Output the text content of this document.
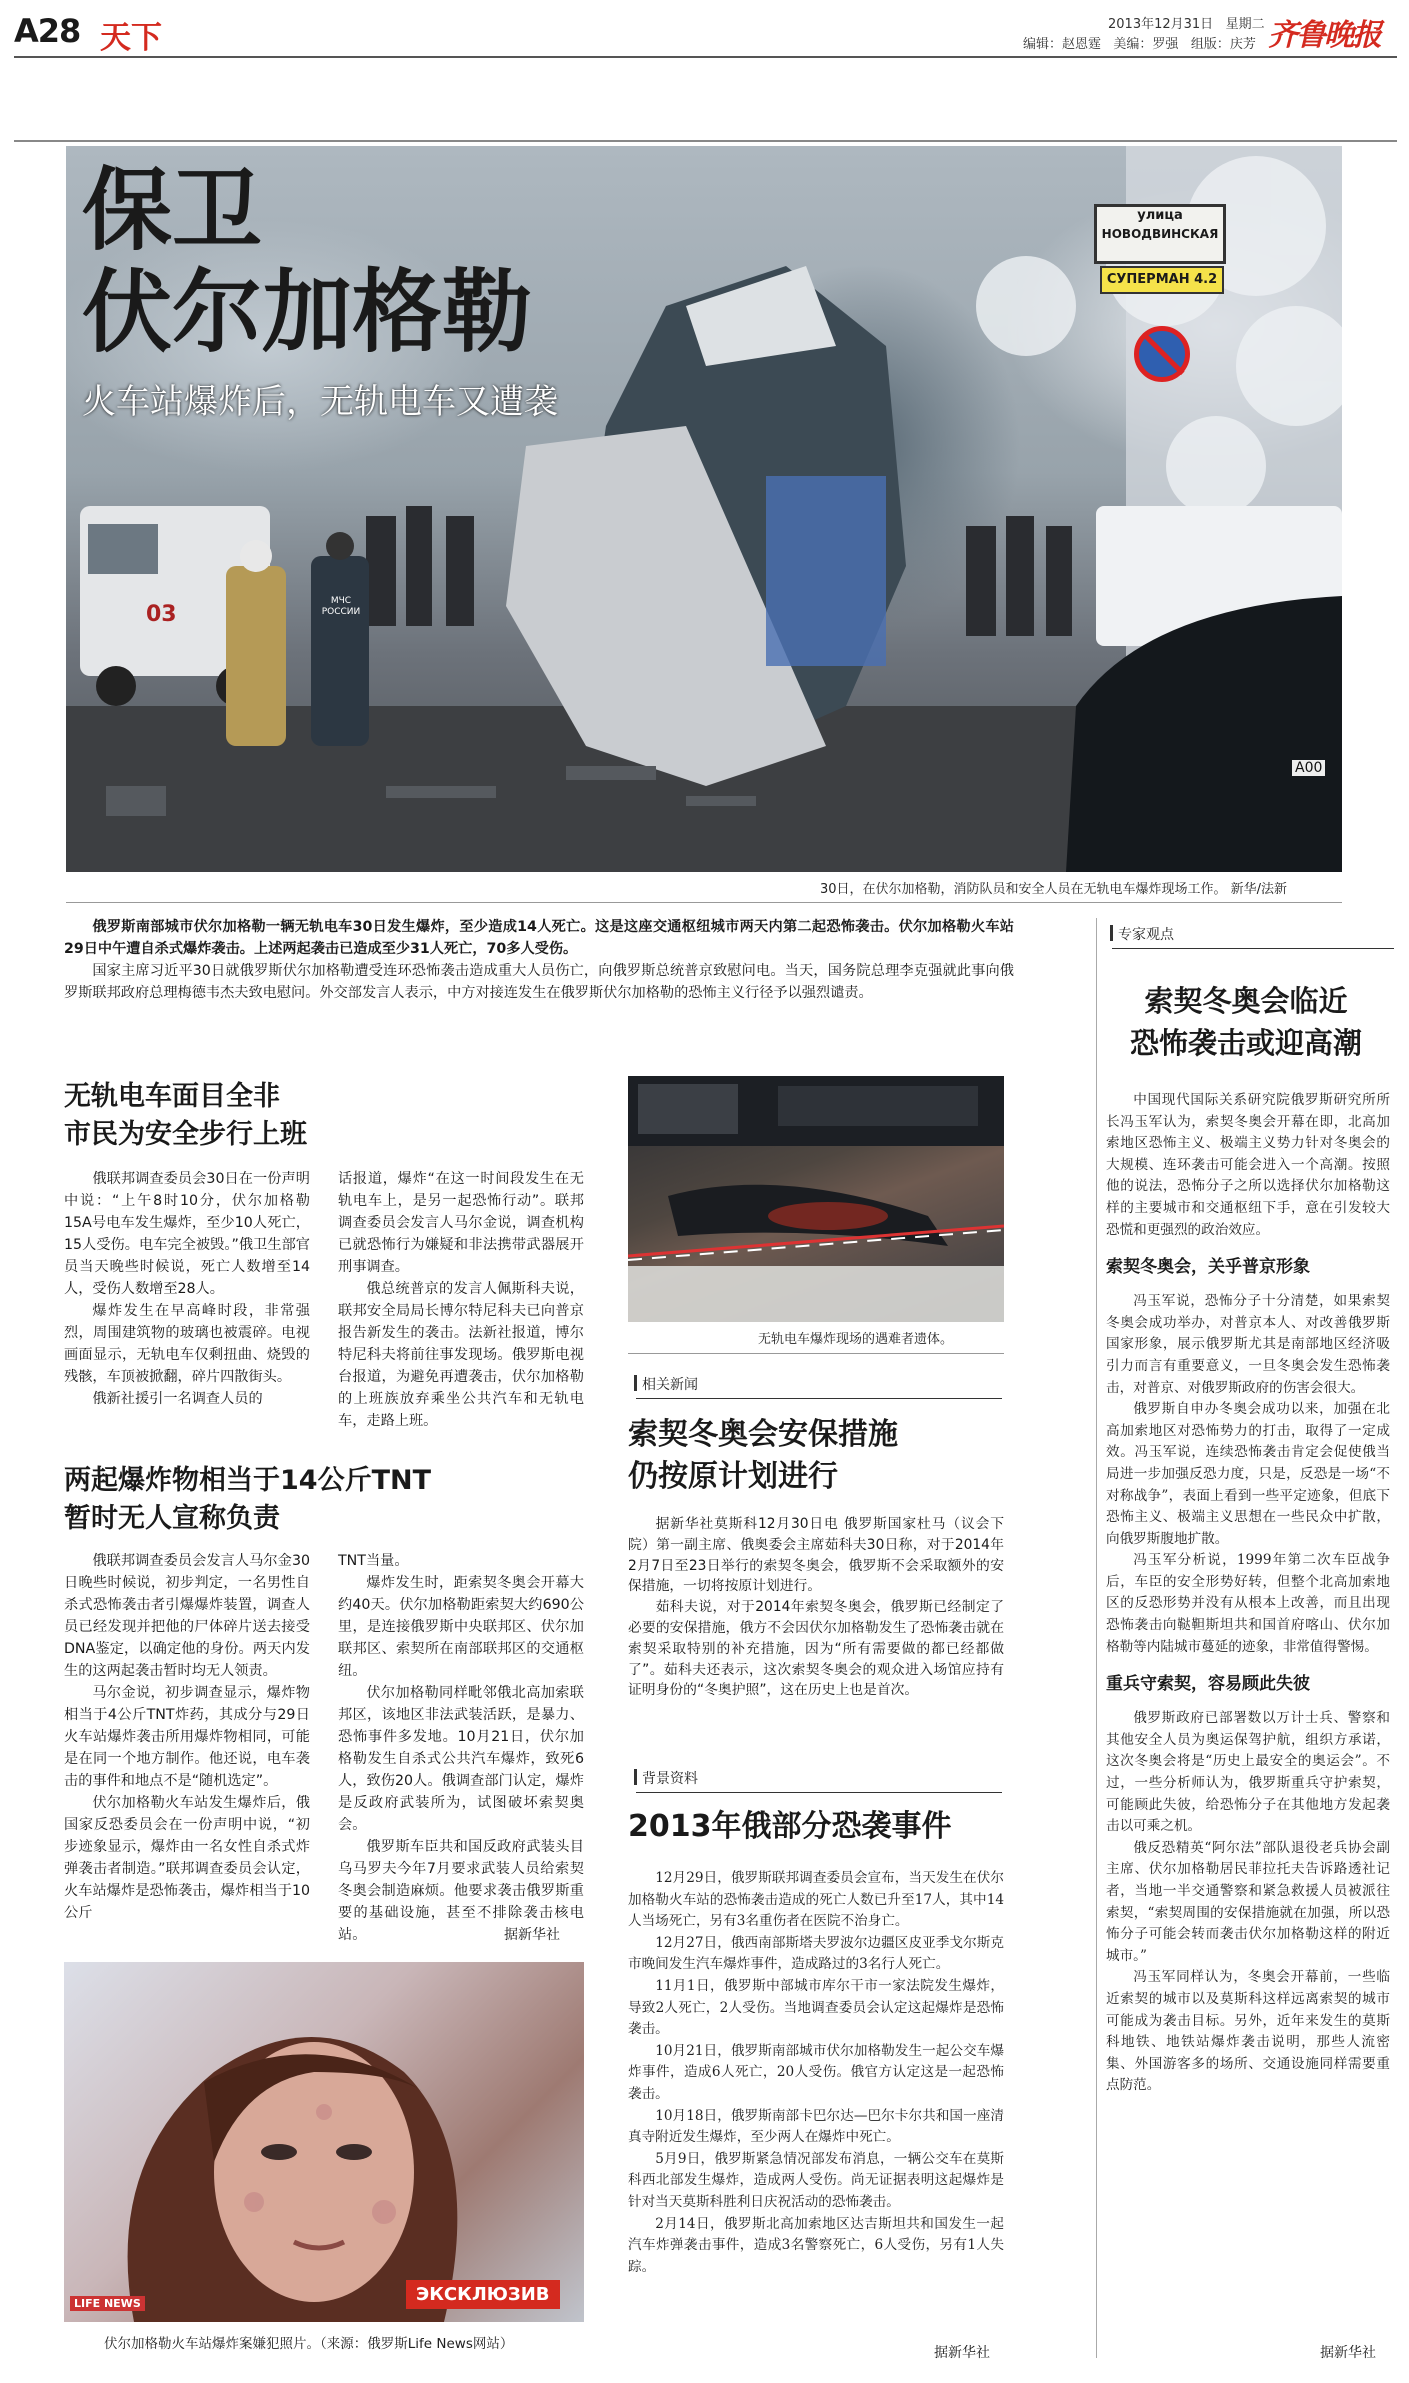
A28 天下	2013年12月31日 星期二
编辑：赵恩霆 美编：罗强 组版：庆芳 齐鲁晚报
улица
НОВОДВИНСКАЯ
СУПЕРМАН 4.2
03
МЧС РОССИИ
А00
保卫
伏尔加格勒
火车站爆炸后，无轨电车又遭袭
30日，在伏尔加格勒，消防队员和安全人员在无轨电车爆炸现场工作。 新华/法新

俄罗斯南部城市伏尔加格勒一辆无轨电车30日发生爆炸，至少造成14人死亡。这是这座交通枢纽城市两天内第二起恐怖袭击。伏尔加格勒火车站29日中午遭自杀式爆炸袭击。上述两起袭击已造成至少31人死亡，70多人受伤。

国家主席习近平30日就俄罗斯伏尔加格勒遭受连环恐怖袭击造成重大人员伤亡，向俄罗斯总统普京致慰问电。当天，国务院总理李克强就此事向俄罗斯联邦政府总理梅德韦杰夫致电慰问。外交部发言人表示，中方对接连发生在俄罗斯伏尔加格勒的恐怖主义行径予以强烈谴责。

无轨电车面目全非
市民为安全步行上班

俄联邦调查委员会30日在一份声明中说：“上午8时10分，伏尔加格勒15A号电车发生爆炸，至少10人死亡，15人受伤。电车完全被毁。”俄卫生部官员当天晚些时候说，死亡人数增至14人，受伤人数增至28人。

爆炸发生在早高峰时段，非常强烈，周围建筑物的玻璃也被震碎。电视画面显示，无轨电车仅剩扭曲、烧毁的残骸，车顶被掀翻，碎片四散街头。

俄新社援引一名调查人员的

话报道，爆炸“在这一时间段发生在无轨电车上，是另一起恐怖行动”。联邦调查委员会发言人马尔金说，调查机构已就恐怖行为嫌疑和非法携带武器展开刑事调查。

俄总统普京的发言人佩斯科夫说，联邦安全局局长博尔特尼科夫已向普京报告新发生的袭击。法新社报道，博尔特尼科夫将前往事发现场。俄罗斯电视台报道，为避免再遭袭击，伏尔加格勒的上班族放弃乘坐公共汽车和无轨电车，走路上班。

两起爆炸物相当于14公斤TNT
暂时无人宣称负责

俄联邦调查委员会发言人马尔金30日晚些时候说，初步判定，一名男性自杀式恐怖袭击者引爆爆炸装置，调查人员已经发现并把他的尸体碎片送去接受DNA鉴定，以确定他的身份。两天内发生的这两起袭击暂时均无人领责。

马尔金说，初步调查显示，爆炸物相当于4公斤TNT炸药，其成分与29日火车站爆炸袭击所用爆炸物相同，可能是在同一个地方制作。他还说，电车袭击的事件和地点不是“随机选定”。

伏尔加格勒火车站发生爆炸后，俄国家反恐委员会在一份声明中说，“初步迹象显示，爆炸由一名女性自杀式炸弹袭击者制造。”联邦调查委员会认定，火车站爆炸是恐怖袭击，爆炸相当于10公斤

TNT当量。

爆炸发生时，距索契冬奥会开幕大约40天。伏尔加格勒距索契大约690公里，是连接俄罗斯中央联邦区、伏尔加联邦区、索契所在南部联邦区的交通枢纽。

伏尔加格勒同样毗邻俄北高加索联邦区，该地区非法武装活跃，是暴力、恐怖事件多发地。10月21日，伏尔加格勒发生自杀式公共汽车爆炸，致死6人，致伤20人。俄调查部门认定，爆炸是反政府武装所为，试图破坏索契奥会。

俄罗斯车臣共和国反政府武装头目乌马罗夫今年7月要求武装人员给索契冬奥会制造麻烦。他要求袭击俄罗斯重要的基础设施，甚至不排除袭击核电站。	据新华社
无轨电车爆炸现场的遇难者遗体。
相关新闻
索契冬奥会安保措施
仍按原计划进行

据新华社莫斯科12月30日电 俄罗斯国家杜马（议会下院）第一副主席、俄奥委会主席茹科夫30日称，对于2014年2月7日至23日举行的索契冬奥会，俄罗斯不会采取额外的安保措施，一切将按原计划进行。

茹科夫说，对于2014年索契冬奥会，俄罗斯已经制定了必要的安保措施，俄方不会因伏尔加格勒发生了恐怖袭击就在索契采取特别的补充措施，因为“所有需要做的都已经都做了”。茹科夫还表示，这次索契冬奥会的观众进入场馆应持有证明身份的“冬奥护照”，这在历史上也是首次。

背景资料
2013年俄部分恐袭事件

12月29日，俄罗斯联邦调查委员会宣布，当天发生在伏尔加格勒火车站的恐怖袭击造成的死亡人数已升至17人，其中14人当场死亡，另有3名重伤者在医院不治身亡。

12月27日，俄西南部斯塔夫罗波尔边疆区皮亚季戈尔斯克市晚间发生汽车爆炸事件，造成路过的3名行人死亡。

11月1日，俄罗斯中部城市库尔干市一家法院发生爆炸，导致2人死亡，2人受伤。当地调查委员会认定这起爆炸是恐怖袭击。

10月21日，俄罗斯南部城市伏尔加格勒发生一起公交车爆炸事件，造成6人死亡，20人受伤。俄官方认定这是一起恐怖袭击。

10月18日，俄罗斯南部卡巴尔达—巴尔卡尔共和国一座清真寺附近发生爆炸，至少两人在爆炸中死亡。

5月9日，俄罗斯紧急情况部发布消息，一辆公交车在莫斯科西北部发生爆炸，造成两人受伤。尚无证据表明这起爆炸是针对当天莫斯科胜利日庆祝活动的恐怖袭击。

2月14日，俄罗斯北高加索地区达吉斯坦共和国发生一起汽车炸弹袭击事件，造成3名警察死亡，6人受伤，另有1人失踪。

据新华社
LIFE NEWS	ЭКСКЛЮЗИВ
伏尔加格勒火车站爆炸案嫌犯照片。（来源：俄罗斯Life News网站）
专家观点
索契冬奥会临近
恐怖袭击或迎高潮

中国现代国际关系研究院俄罗斯研究所所长冯玉军认为，索契冬奥会开幕在即，北高加索地区恐怖主义、极端主义势力针对冬奥会的大规模、连环袭击可能会进入一个高潮。按照他的说法，恐怖分子之所以选择伏尔加格勒这样的主要城市和交通枢纽下手，意在引发较大恐慌和更强烈的政治效应。

索契冬奥会，关乎普京形象

冯玉军说，恐怖分子十分清楚，如果索契冬奥会成功举办，对普京本人、对改善俄罗斯国家形象，展示俄罗斯尤其是南部地区经济吸引力而言有重要意义，一旦冬奥会发生恐怖袭击，对普京、对俄罗斯政府的伤害会很大。

俄罗斯自申办冬奥会成功以来，加强在北高加索地区对恐怖势力的打击，取得了一定成效。冯玉军说，连续恐怖袭击肯定会促使俄当局进一步加强反恐力度，只是，反恐是一场“不对称战争”，表面上看到一些平定迹象，但底下恐怖主义、极端主义思想在一些民众中扩散，向俄罗斯腹地扩散。

冯玉军分析说，1999年第二次车臣战争后，车臣的安全形势好转，但整个北高加索地区的反恐形势并没有从根本上改善，而且出现恐怖袭击向鞑靼斯坦共和国首府喀山、伏尔加格勒等内陆城市蔓延的迹象，非常值得警惕。

重兵守索契，容易顾此失彼

俄罗斯政府已部署数以万计士兵、警察和其他安全人员为奥运保驾护航，组织方承诺，这次冬奥会将是“历史上最安全的奥运会”。不过，一些分析师认为，俄罗斯重兵守护索契，可能顾此失彼，给恐怖分子在其他地方发起袭击以可乘之机。

俄反恐精英“阿尔法”部队退役老兵协会副主席、伏尔加格勒居民菲拉托夫告诉路透社记者，当地一半交通警察和紧急救援人员被派往索契，“索契周围的安保措施就在加强，所以恐怖分子可能会转而袭击伏尔加格勒这样的附近城市。”

冯玉军同样认为，冬奥会开幕前，一些临近索契的城市以及莫斯科这样远离索契的城市可能成为袭击目标。另外，近年来发生的莫斯科地铁、地铁站爆炸袭击说明，那些人流密集、外国游客多的场所、交通设施同样需要重点防范。

据新华社
